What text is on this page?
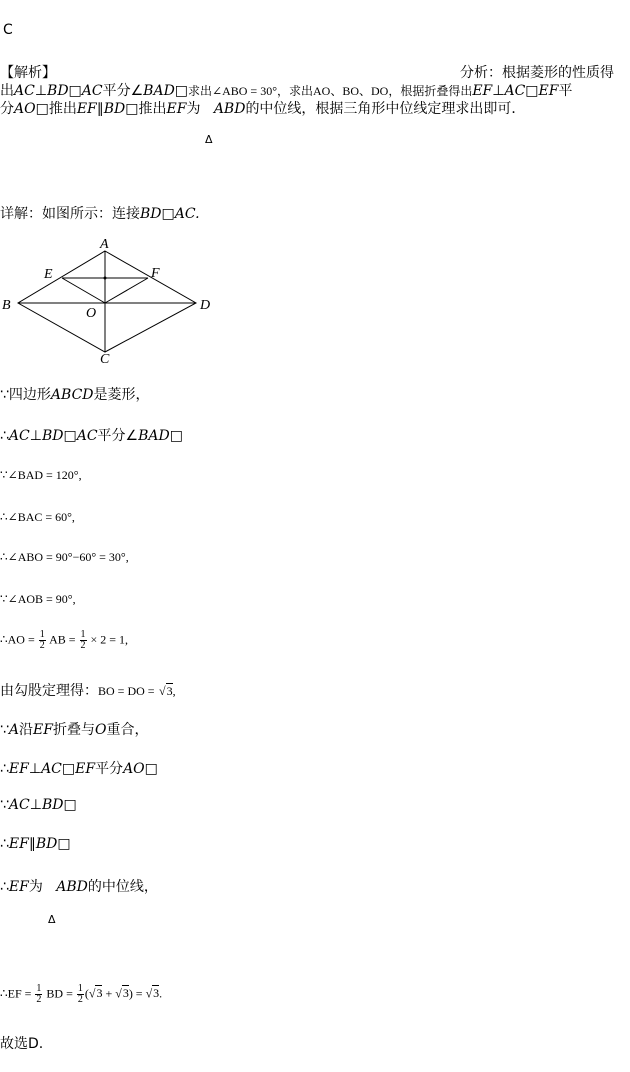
C
【解析】	分析：根据菱形的性质得
出AC⊥BD□AC平分∠BAD□求出∠ABO = 30°，求出AO、BO、DO，根据折叠得出EF⊥AC□EF平
分AO□推出EF∥BD□推出EF为 ABD的中位线，根据三角形中位线定理求出即可．
Δ
详解：如图所示：连接BD□AC.
A
B
C
D
E	F
O
∵四边形ABCD是菱形，
∴AC⊥BD□AC平分∠BAD□
∵∠BAD = 120°,
∴∠BAC = 60°,
∴∠ABO = 90°−60° = 30°,
∵∠AOB = 90°,
∴AO = $\frac{1}{2}$ AB = $\frac{1}{2} \times 2 = 1$,
由勾股定理得：BO = DO = √3,
∵A沿EF折叠与O重合，
∴EF⊥AC□EF平分AO□
∵AC⊥BD□
∴EF∥BD□
∴EF为 ABD的中位线，
Δ
∴EF = $\frac{1}{2}$ BD = $\frac{1}{2} (√3 + √3) = √3$.
故选D.
